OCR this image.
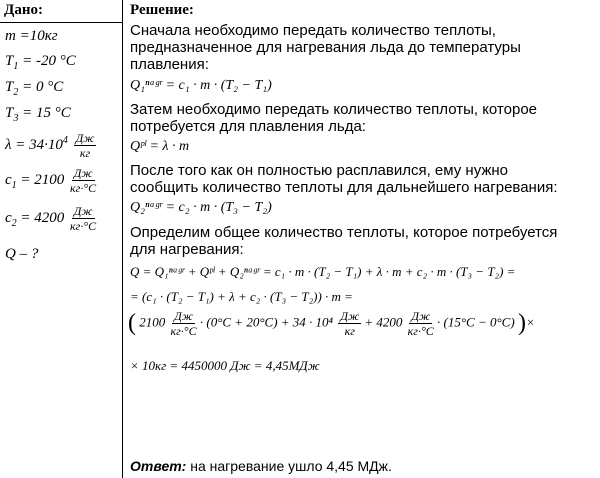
Дано:	Решение:
m =10кг
$T_1 = -20$ °C
$T_2 = 0$ °C
$T_3 = 15$ °C
$\lambda = 34\cdot 10^4 \frac{Дж}{кг}$
$c_1 = 2100 \frac{Дж}{кг\cdot^\circ C}$
$c_2 = 4200 \frac{Дж}{кг\cdot^\circ C}$
Q – ?
Сначала необходимо передать количество теплоты,
предназначенное для нагревания льда до температуры
плавления:
Q₁ⁿᵃᵍʳ = c₁ · m · (T₂ − T₁)
Затем необходимо передать количество теплоты, которое
потребуется для плавления льда:
Qᵖˡ = λ · m
После того как он полностью расплавился, ему нужно
сообщить количество теплоты для дальнейшего нагревания:
Q₂ⁿᵃᵍʳ = c₂ · m · (T₃ − T₂)
Определим общее количество теплоты, которое потребуется
для нагревания:
Q = Q₁ⁿᵃᵍʳ + Qᵖˡ + Q₂ⁿᵃᵍʳ = c₁ · m · (T₂ − T₁) + λ · m + c₂ · m · (T₃ − T₂) =
= (c₁ · (T₂ − T₁) + λ + c₂ · (T₃ − T₂)) · m =
( $2100 \frac{Дж}{кг\cdot^\circ C} \cdot (0^\circ C + 20^\circ C) + 34 \cdot 10^4 \frac{Дж}{кг} + 4200 \frac{Дж}{кг\cdot^\circ C} \cdot (15^\circ C - 0^\circ C)$ )×
× 10кг = 4450000 Дж = 4,45МДж
Ответ: на нагревание ушло 4,45 МДж.
